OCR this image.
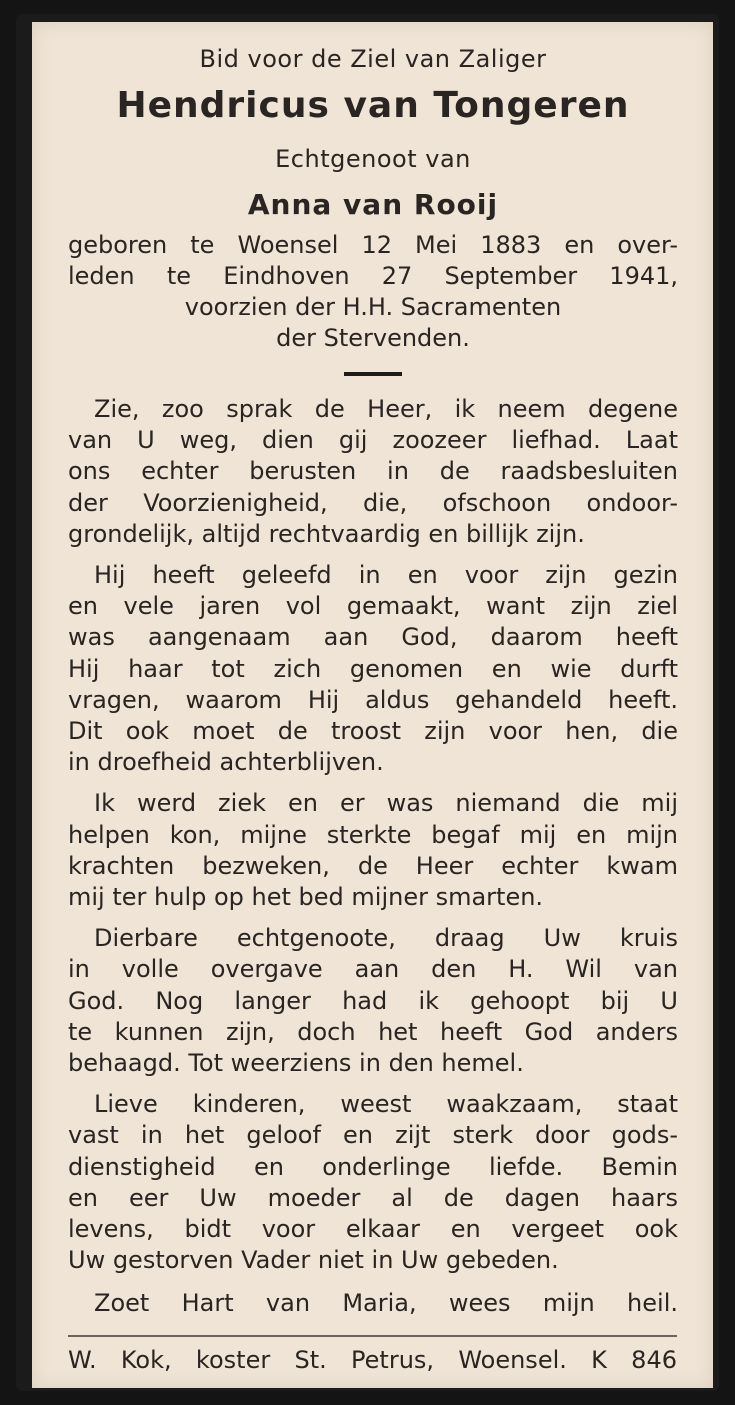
Bid voor de Ziel van Zaliger
Hendricus van Tongeren
Echtgenoot van
Anna van Rooij
geboren te Woensel 12 Mei 1883 en over-
leden te Eindhoven 27 September 1941,
voorzien der H.H. Sacramenten
der Stervenden.
Zie, zoo sprak de Heer, ik neem degene
van U weg, dien gij zoozeer liefhad. Laat
ons echter berusten in de raadsbesluiten
der Voorzienigheid, die, ofschoon ondoor-
grondelijk, altijd rechtvaardig en billijk zijn.
Hij heeft geleefd in en voor zijn gezin
en vele jaren vol gemaakt, want zijn ziel
was aangenaam aan God, daarom heeft
Hij haar tot zich genomen en wie durft
vragen, waarom Hij aldus gehandeld heeft.
Dit ook moet de troost zijn voor hen, die
in droefheid achterblijven.
Ik werd ziek en er was niemand die mij
helpen kon, mijne sterkte begaf mij en mijn
krachten bezweken, de Heer echter kwam
mij ter hulp op het bed mijner smarten.
Dierbare echtgenoote, draag Uw kruis
in volle overgave aan den H. Wil van
God. Nog langer had ik gehoopt bij U
te kunnen zijn, doch het heeft God anders
behaagd. Tot weerziens in den hemel.
Lieve kinderen, weest waakzaam, staat
vast in het geloof en zijt sterk door gods-
dienstigheid en onderlinge liefde. Bemin
en eer Uw moeder al de dagen haars
levens, bidt voor elkaar en vergeet ook
Uw gestorven Vader niet in Uw gebeden.
Zoet Hart van Maria, wees mijn heil.
W. Kok, koster St. Petrus, Woensel. K 846
